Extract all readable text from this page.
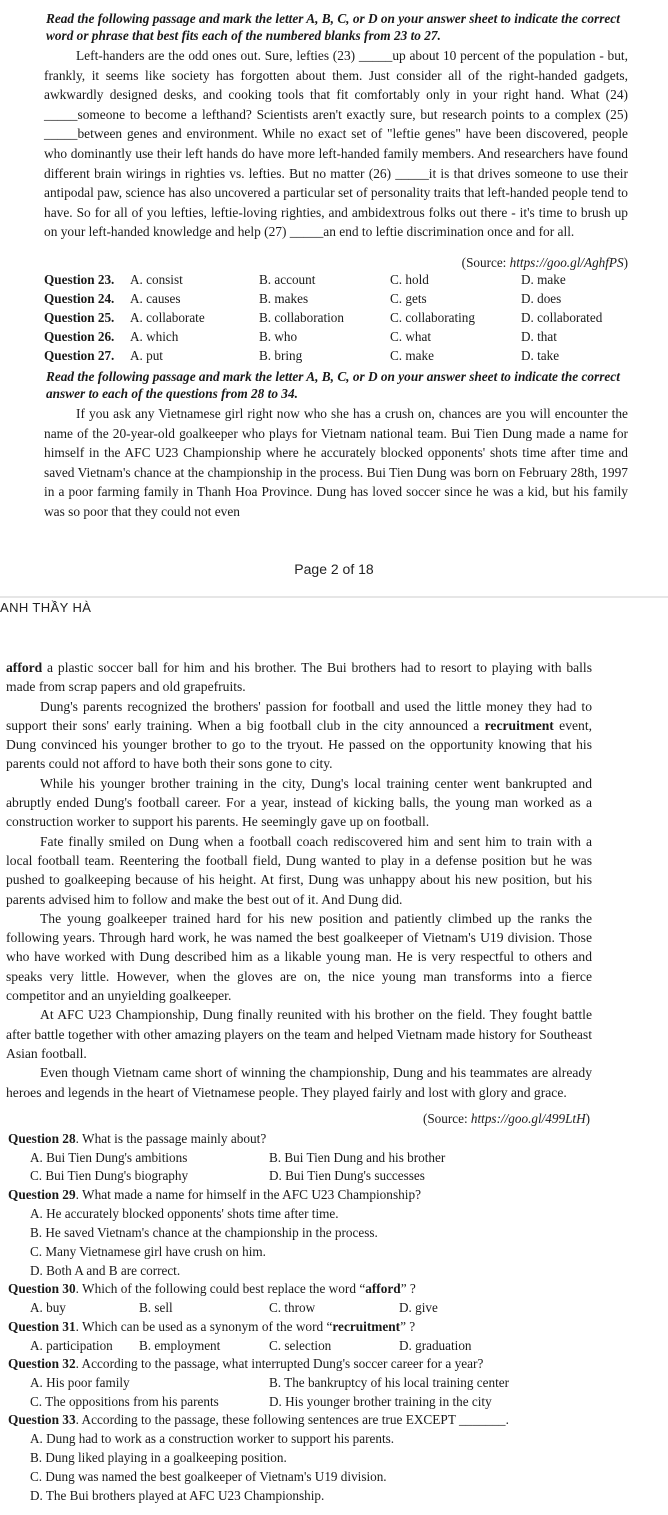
Read the following passage and mark the letter A, B, C, or D on your answer sheet to indicate the correct word or phrase that best fits each of the numbered blanks from 23 to 27.

Left-handers are the odd ones out. Sure, lefties (23) _____up about 10 percent of the population - but, frankly, it seems like society has forgotten about them. Just consider all of the right-handed gadgets, awkwardly designed desks, and cooking tools that fit comfortably only in your right hand. What (24) _____someone to become a lefthand? Scientists aren't exactly sure, but research points to a complex (25) _____between genes and environment. While no exact set of "leftie genes" have been discovered, people who dominantly use their left hands do have more left-handed family members. And researchers have found different brain wirings in righties vs. lefties. But no matter (26) _____it is that drives someone to use their antipodal paw, science has also uncovered a particular set of personality traits that left-handed people tend to have. So for all of you lefties, leftie-loving righties, and ambidextrous folks out there - it's time to brush up on your left-handed knowledge and help (27) _____an end to leftie discrimination once and for all.

(Source: https://goo.gl/AghfPS)
Question 23. A. consist	B. account	C. hold	D. make
Question 24. A. causes	B. makes	C. gets	D. does
Question 25. A. collaborate	B. collaboration	C. collaborating	D. collaborated
Question 26. A. which	B. who	C. what	D. that
Question 27. A. put	B. bring	C. make	D. take
Read the following passage and mark the letter A, B, C, or D on your answer sheet to indicate the correct answer to each of the questions from 28 to 34.

If you ask any Vietnamese girl right now who she has a crush on, chances are you will encounter the name of the 20-year-old goalkeeper who plays for Vietnam national team. Bui Tien Dung made a name for himself in the AFC U23 Championship where he accurately blocked opponents' shots time after time and saved Vietnam's chance at the championship in the process. Bui Tien Dung was born on February 28th, 1997 in a poor farming family in Thanh Hoa Province. Dung has loved soccer since he was a kid, but his family was so poor that they could not even

Page 2 of 18
ANH THẦY HÀ

afford a plastic soccer ball for him and his brother. The Bui brothers had to resort to playing with balls made from scrap papers and old grapefruits.

Dung's parents recognized the brothers' passion for football and used the little money they had to support their sons' early training. When a big football club in the city announced a recruitment event, Dung convinced his younger brother to go to the tryout. He passed on the opportunity knowing that his parents could not afford to have both their sons gone to city.

While his younger brother training in the city, Dung's local training center went bankrupted and abruptly ended Dung's football career. For a year, instead of kicking balls, the young man worked as a construction worker to support his parents. He seemingly gave up on football.

Fate finally smiled on Dung when a football coach rediscovered him and sent him to train with a local football team. Reentering the football field, Dung wanted to play in a defense position but he was pushed to goalkeeping because of his height. At first, Dung was unhappy about his new position, but his parents advised him to follow and make the best out of it. And Dung did.

The young goalkeeper trained hard for his new position and patiently climbed up the ranks the following years. Through hard work, he was named the best goalkeeper of Vietnam's U19 division. Those who have worked with Dung described him as a likable young man. He is very respectful to others and speaks very little. However, when the gloves are on, the nice young man transforms into a fierce competitor and an unyielding goalkeeper.

At AFC U23 Championship, Dung finally reunited with his brother on the field. They fought battle after battle together with other amazing players on the team and helped Vietnam made history for Southeast Asian football.

Even though Vietnam came short of winning the championship, Dung and his teammates are already heroes and legends in the heart of Vietnamese people. They played fairly and lost with glory and grace.

(Source: https://goo.gl/499LtH)
Question 28. What is the passage mainly about?
A. Bui Tien Dung's ambitions	B. Bui Tien Dung and his brother
C. Bui Tien Dung's biography	D. Bui Tien Dung's successes
Question 29. What made a name for himself in the AFC U23 Championship?
A. He accurately blocked opponents' shots time after time.
B. He saved Vietnam's chance at the championship in the process.
C. Many Vietnamese girl have crush on him.
D. Both A and B are correct.
Question 30. Which of the following could best replace the word “afford” ?
A. buy	B. sell	C. throw	D. give
Question 31. Which can be used as a synonym of the word “recruitment” ?
A. participation B. employment	C. selection	D. graduation
Question 32. According to the passage, what interrupted Dung's soccer career for a year?
A. His poor family	B. The bankruptcy of his local training center
C. The oppositions from his parents	D. His younger brother training in the city
Question 33. According to the passage, these following sentences are true EXCEPT _______.
A. Dung had to work as a construction worker to support his parents.
B. Dung liked playing in a goalkeeping position.
C. Dung was named the best goalkeeper of Vietnam's U19 division.
D. The Bui brothers played at AFC U23 Championship.
